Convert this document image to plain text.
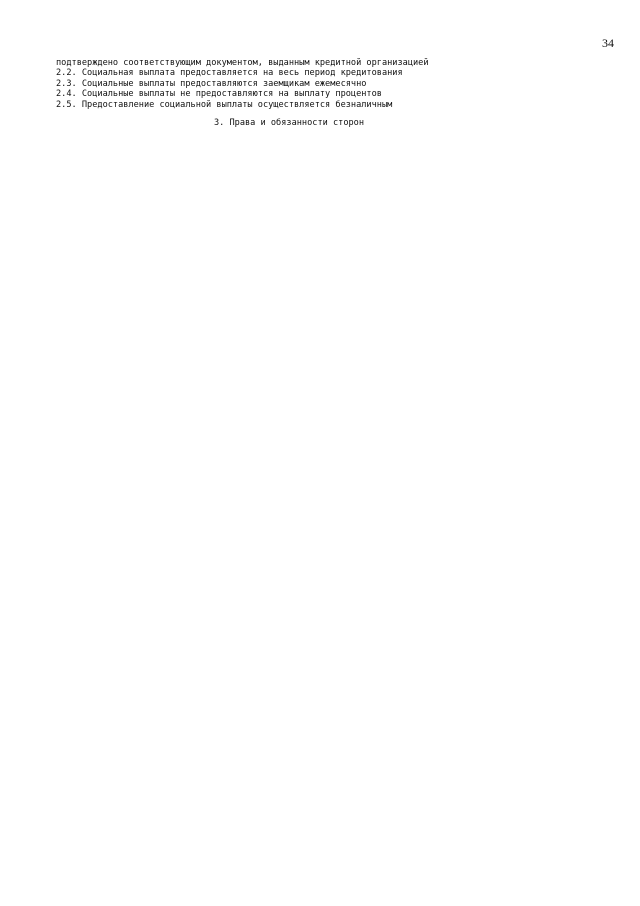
34

подтверждено соответствующим документом, выданным кредитной организацией

2.2. Социальная выплата предоставляется на весь период кредитования

2.3. Социальные выплаты предоставляются заемщикам ежемесячно

2.4. Социальные выплаты не предоставляются на выплату процентов

2.5. Предоставление социальной выплаты осуществляется безналичным

3. Права и обязанности сторон
